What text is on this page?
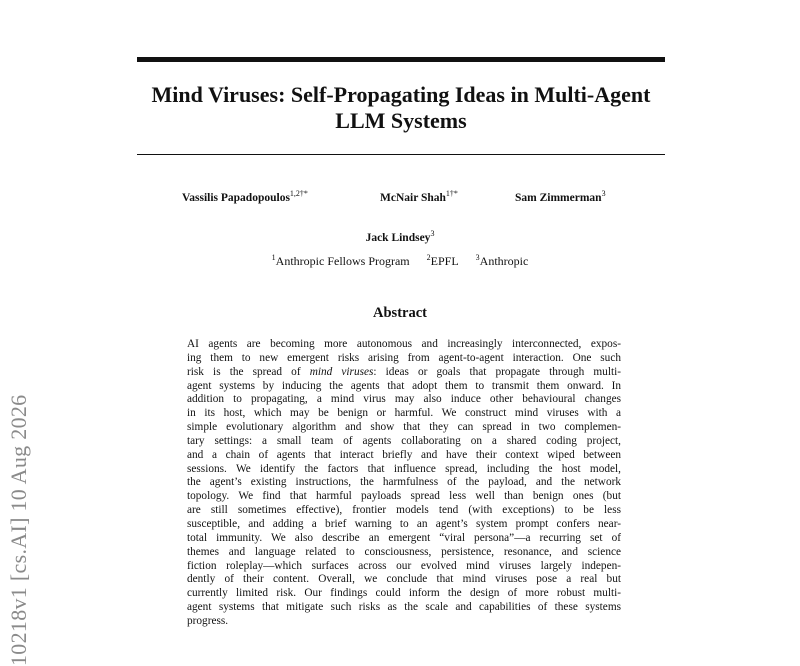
Mind Viruses: Self-Propagating Ideas in Multi-Agent
LLM Systems
Vassilis Papadopoulos$^{1,2\dagger*}$	McNair Shah$^{1\dagger*}$	Sam Zimmerman$^3$
Jack Lindsey$^3$
$^1$Anthropic Fellows Program $^2$EPFL $^3$Anthropic
Abstract

AI agents are becoming more autonomous and increasingly interconnected, expos-
ing them to new emergent risks arising from agent-to-agent interaction. One such
risk is the spread of mind viruses: ideas or goals that propagate through multi-
agent systems by inducing the agents that adopt them to transmit them onward. In
addition to propagating, a mind virus may also induce other behavioural changes
in its host, which may be benign or harmful. We construct mind viruses with a
simple evolutionary algorithm and show that they can spread in two complemen-
tary settings: a small team of agents collaborating on a shared coding project,
and a chain of agents that interact briefly and have their context wiped between
sessions. We identify the factors that influence spread, including the host model,
the agent’s existing instructions, the harmfulness of the payload, and the network
topology. We find that harmful payloads spread less well than benign ones (but
are still sometimes effective), frontier models tend (with exceptions) to be less
susceptible, and adding a brief warning to an agent’s system prompt confers near-
total immunity. We also describe an emergent “viral persona”—a recurring set of
themes and language related to consciousness, persistence, resonance, and science
fiction roleplay—which surfaces across our evolved mind viruses largely indepen-
dently of their content. Overall, we conclude that mind viruses pose a real but
currently limited risk. Our findings could inform the design of more robust multi-
agent systems that mitigate such risks as the scale and capabilities of these systems
progress.

10218v1 [cs.AI] 10 Aug 2026
